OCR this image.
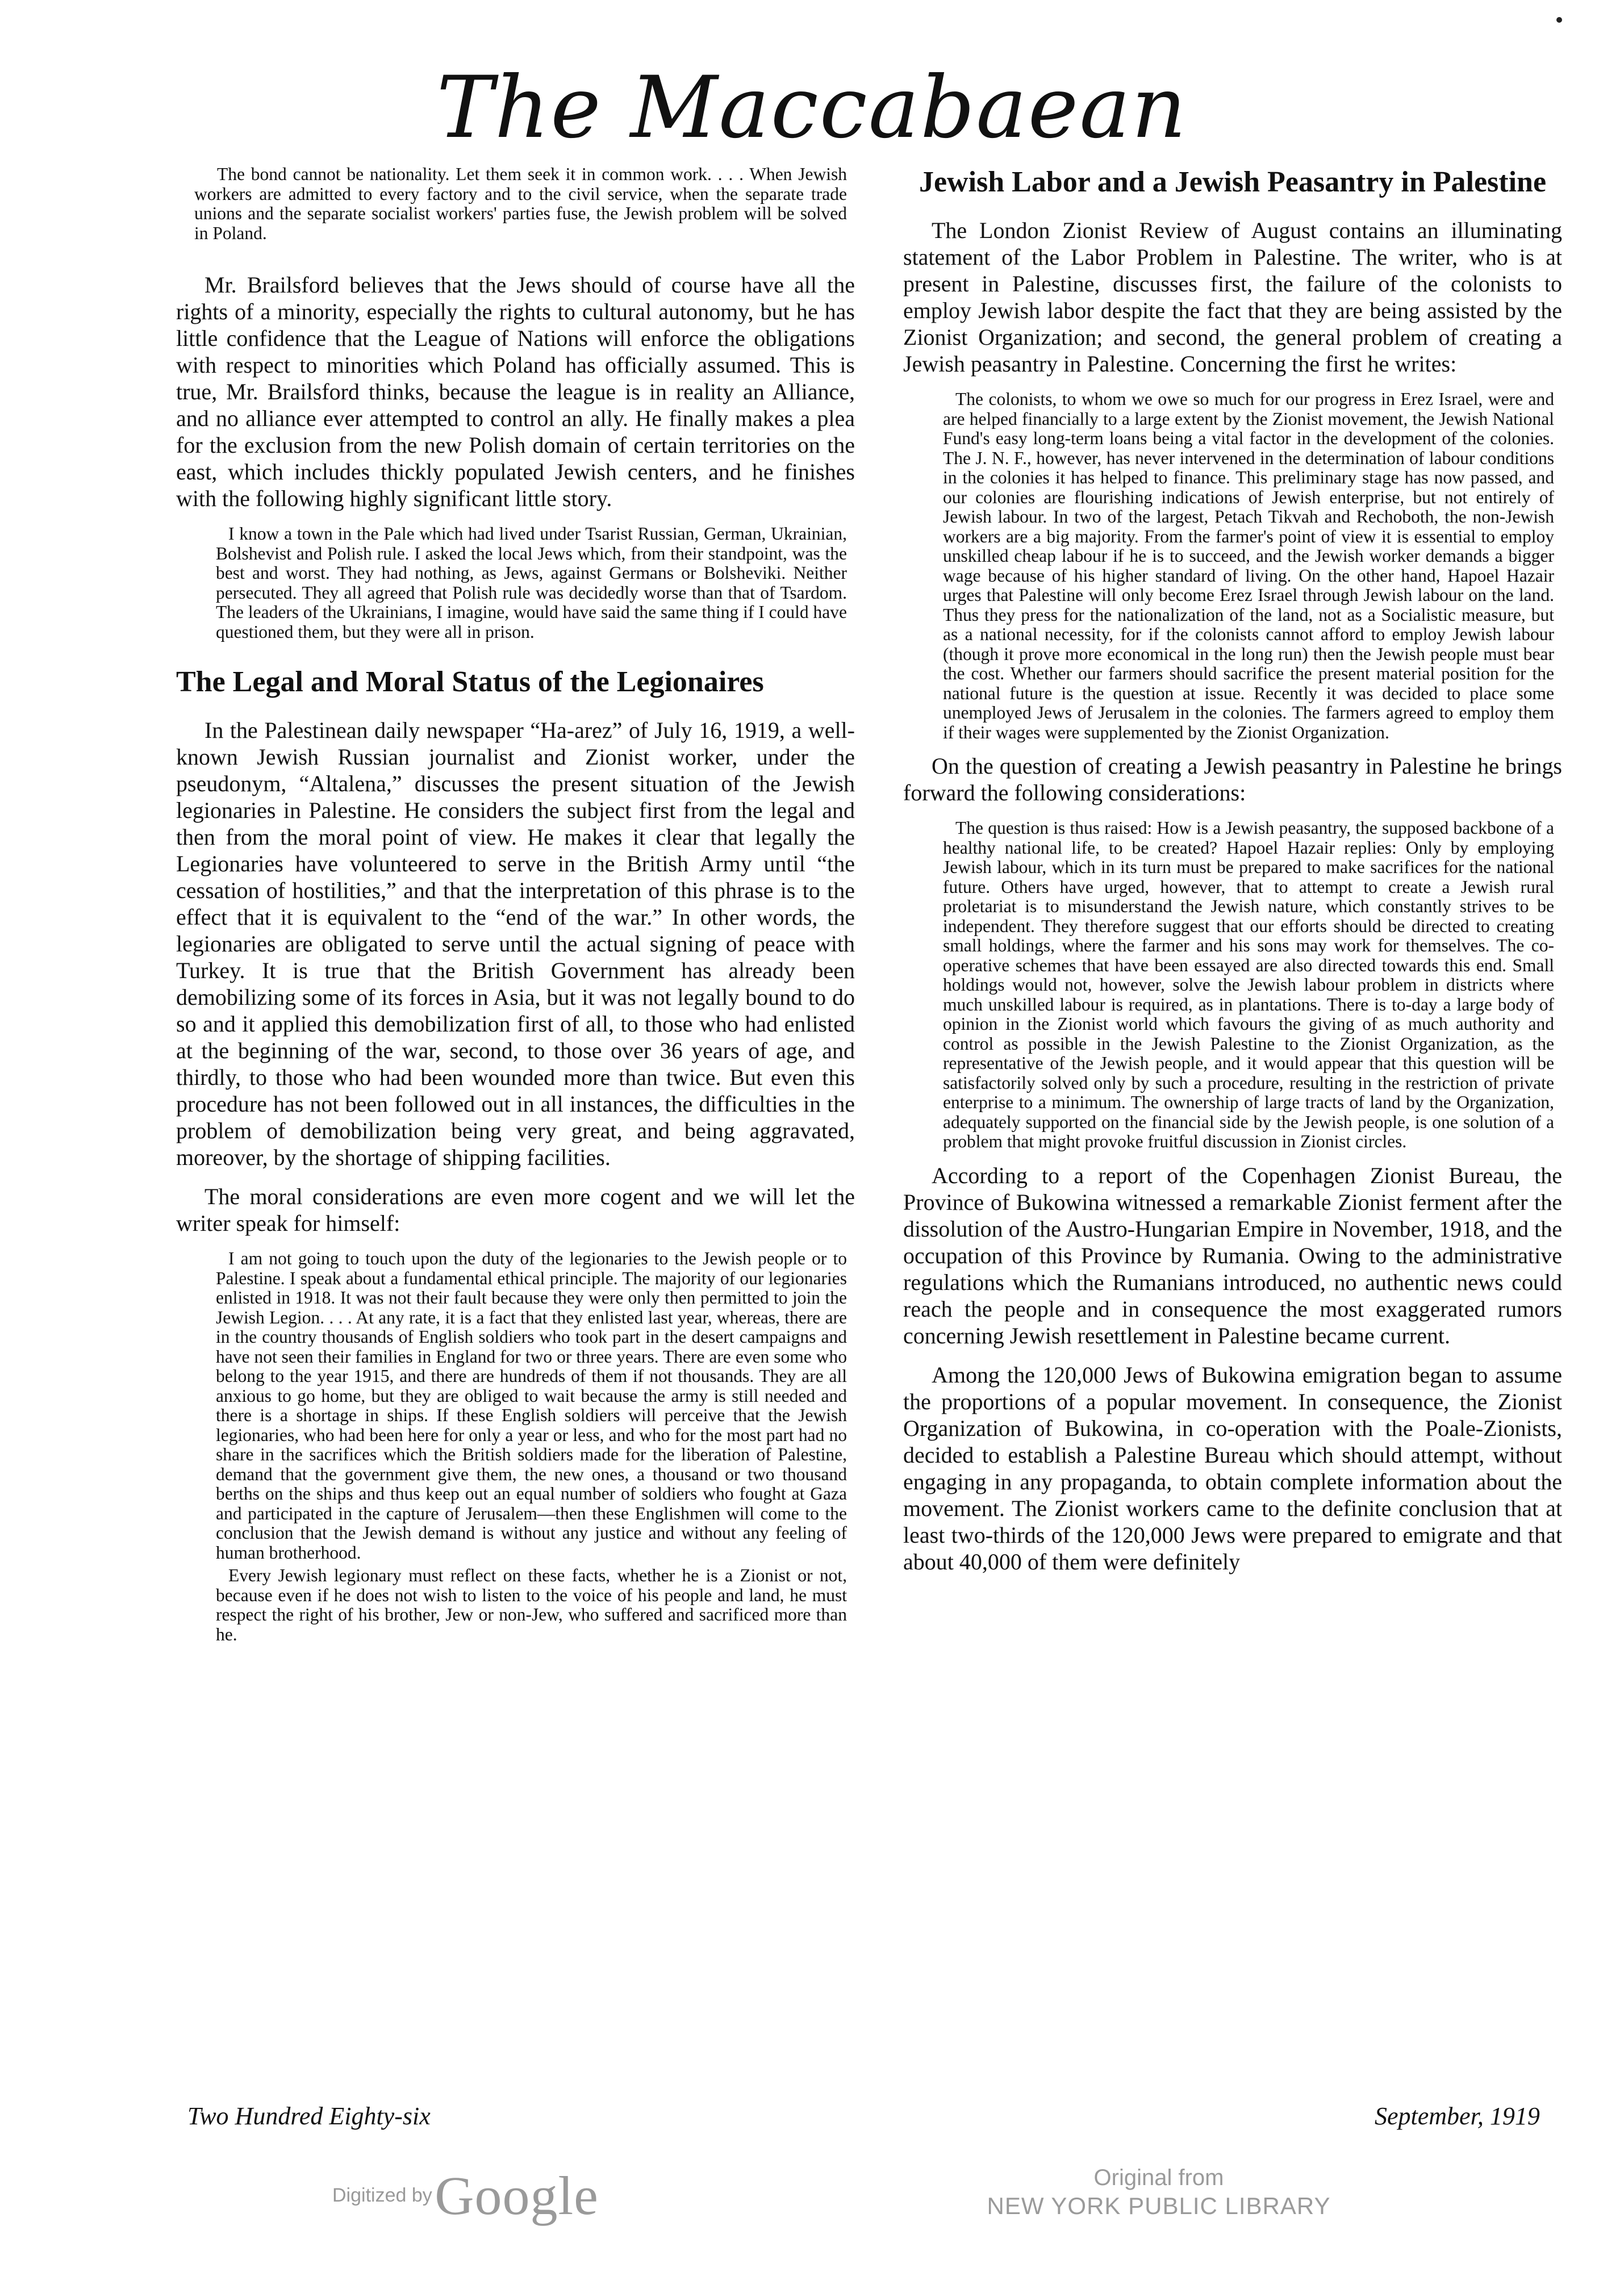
The Maccabaean

The bond cannot be nationality. Let them seek it in common work. . . . When Jewish workers are admitted to every factory and to the civil service, when the separate trade unions and the separate socialist workers' parties fuse, the Jewish problem will be solved in Poland.

Mr. Brailsford believes that the Jews should of course have all the rights of a minority, especially the rights to cultural autonomy, but he has little confidence that the League of Nations will enforce the obligations with respect to minorities which Poland has officially assumed. This is true, Mr. Brailsford thinks, because the league is in reality an Alliance, and no alliance ever attempted to control an ally. He finally makes a plea for the exclusion from the new Polish domain of certain territories on the east, which includes thickly populated Jewish centers, and he finishes with the following highly significant little story.

I know a town in the Pale which had lived under Tsarist Russian, German, Ukrainian, Bolshevist and Polish rule. I asked the local Jews which, from their standpoint, was the best and worst. They had nothing, as Jews, against Germans or Bolsheviki. Neither persecuted. They all agreed that Polish rule was decidedly worse than that of Tsardom. The leaders of the Ukrainians, I imagine, would have said the same thing if I could have questioned them, but they were all in prison.

The Legal and Moral Status of the Legionaires

In the Palestinean daily newspaper “Ha-arez” of July 16, 1919, a well-known Jewish Russian journalist and Zionist worker, under the pseudonym, “Altalena,” discusses the present situation of the Jewish legionaries in Palestine. He considers the subject first from the legal and then from the moral point of view. He makes it clear that legally the Legionaries have volunteered to serve in the British Army until “the cessation of hostilities,” and that the interpretation of this phrase is to the effect that it is equivalent to the “end of the war.” In other words, the legionaries are obligated to serve until the actual signing of peace with Turkey. It is true that the British Government has already been demobilizing some of its forces in Asia, but it was not legally bound to do so and it applied this demobilization first of all, to those who had enlisted at the beginning of the war, second, to those over 36 years of age, and thirdly, to those who had been wounded more than twice. But even this procedure has not been followed out in all instances, the difficulties in the problem of demobilization being very great, and being aggravated, moreover, by the shortage of shipping facilities.

The moral considerations are even more cogent and we will let the writer speak for himself:

I am not going to touch upon the duty of the legionaries to the Jewish people or to Palestine. I speak about a fundamental ethical principle. The majority of our legionaries enlisted in 1918. It was not their fault because they were only then permitted to join the Jewish Legion. . . . At any rate, it is a fact that they enlisted last year, whereas, there are in the country thousands of English soldiers who took part in the desert campaigns and have not seen their families in England for two or three years. There are even some who belong to the year 1915, and there are hundreds of them if not thousands. They are all anxious to go home, but they are obliged to wait because the army is still needed and there is a shortage in ships. If these English soldiers will perceive that the Jewish legionaries, who had been here for only a year or less, and who for the most part had no share in the sacrifices which the British soldiers made for the liberation of Palestine, demand that the government give them, the new ones, a thousand or two thousand berths on the ships and thus keep out an equal number of soldiers who fought at Gaza and participated in the capture of Jerusalem—then these Englishmen will come to the conclusion that the Jewish demand is without any justice and without any feeling of human brotherhood.

Every Jewish legionary must reflect on these facts, whether he is a Zionist or not, because even if he does not wish to listen to the voice of his people and land, he must respect the right of his brother, Jew or non-Jew, who suffered and sacrificed more than he.

Jewish Labor and a Jewish Peasantry in Palestine

The London Zionist Review of August contains an illuminating statement of the Labor Problem in Palestine. The writer, who is at present in Palestine, discusses first, the failure of the colonists to employ Jewish labor despite the fact that they are being assisted by the Zionist Organization; and second, the general problem of creating a Jewish peasantry in Palestine. Concerning the first he writes:

The colonists, to whom we owe so much for our progress in Erez Israel, were and are helped financially to a large extent by the Zionist movement, the Jewish National Fund's easy long-term loans being a vital factor in the development of the colonies. The J. N. F., however, has never intervened in the determination of labour conditions in the colonies it has helped to finance. This preliminary stage has now passed, and our colonies are flourishing indications of Jewish enterprise, but not entirely of Jewish labour. In two of the largest, Petach Tikvah and Rechoboth, the non-Jewish workers are a big majority. From the farmer's point of view it is essential to employ unskilled cheap labour if he is to succeed, and the Jewish worker demands a bigger wage because of his higher standard of living. On the other hand, Hapoel Hazair urges that Palestine will only become Erez Israel through Jewish labour on the land. Thus they press for the nationalization of the land, not as a Socialistic measure, but as a national necessity, for if the colonists cannot afford to employ Jewish labour (though it prove more economical in the long run) then the Jewish people must bear the cost. Whether our farmers should sacrifice the present material position for the national future is the question at issue. Recently it was decided to place some unemployed Jews of Jerusalem in the colonies. The farmers agreed to employ them if their wages were supplemented by the Zionist Organization.

On the question of creating a Jewish peasantry in Palestine he brings forward the following considerations:

The question is thus raised: How is a Jewish peasantry, the supposed backbone of a healthy national life, to be created? Hapoel Hazair replies: Only by employing Jewish labour, which in its turn must be prepared to make sacrifices for the national future. Others have urged, however, that to attempt to create a Jewish rural proletariat is to misunderstand the Jewish nature, which constantly strives to be independent. They therefore suggest that our efforts should be directed to creating small holdings, where the farmer and his sons may work for themselves. The co-operative schemes that have been essayed are also directed towards this end. Small holdings would not, however, solve the Jewish labour problem in districts where much unskilled labour is required, as in plantations. There is to-day a large body of opinion in the Zionist world which favours the giving of as much authority and control as possible in the Jewish Palestine to the Zionist Organization, as the representative of the Jewish people, and it would appear that this question will be satisfactorily solved only by such a procedure, resulting in the restriction of private enterprise to a minimum. The ownership of large tracts of land by the Organization, adequately supported on the financial side by the Jewish people, is one solution of a problem that might provoke fruitful discussion in Zionist circles.

According to a report of the Copenhagen Zionist Bureau, the Province of Bukowina witnessed a remarkable Zionist ferment after the dissolution of the Austro-Hungarian Empire in November, 1918, and the occupation of this Province by Rumania. Owing to the administrative regulations which the Rumanians introduced, no authentic news could reach the people and in consequence the most exaggerated rumors concerning Jewish resettlement in Palestine became current.

Among the 120,000 Jews of Bukowina emigration began to assume the proportions of a popular movement. In consequence, the Zionist Organization of Bukowina, in co-operation with the Poale-Zionists, decided to establish a Palestine Bureau which should attempt, without engaging in any propaganda, to obtain complete information about the movement. The Zionist workers came to the definite conclusion that at least two-thirds of the 120,000 Jews were prepared to emigrate and that about 40,000 of them were definitely

Two Hundred Eighty-six	September, 1919
Digitized by Google	Original from
NEW YORK PUBLIC LIBRARY
